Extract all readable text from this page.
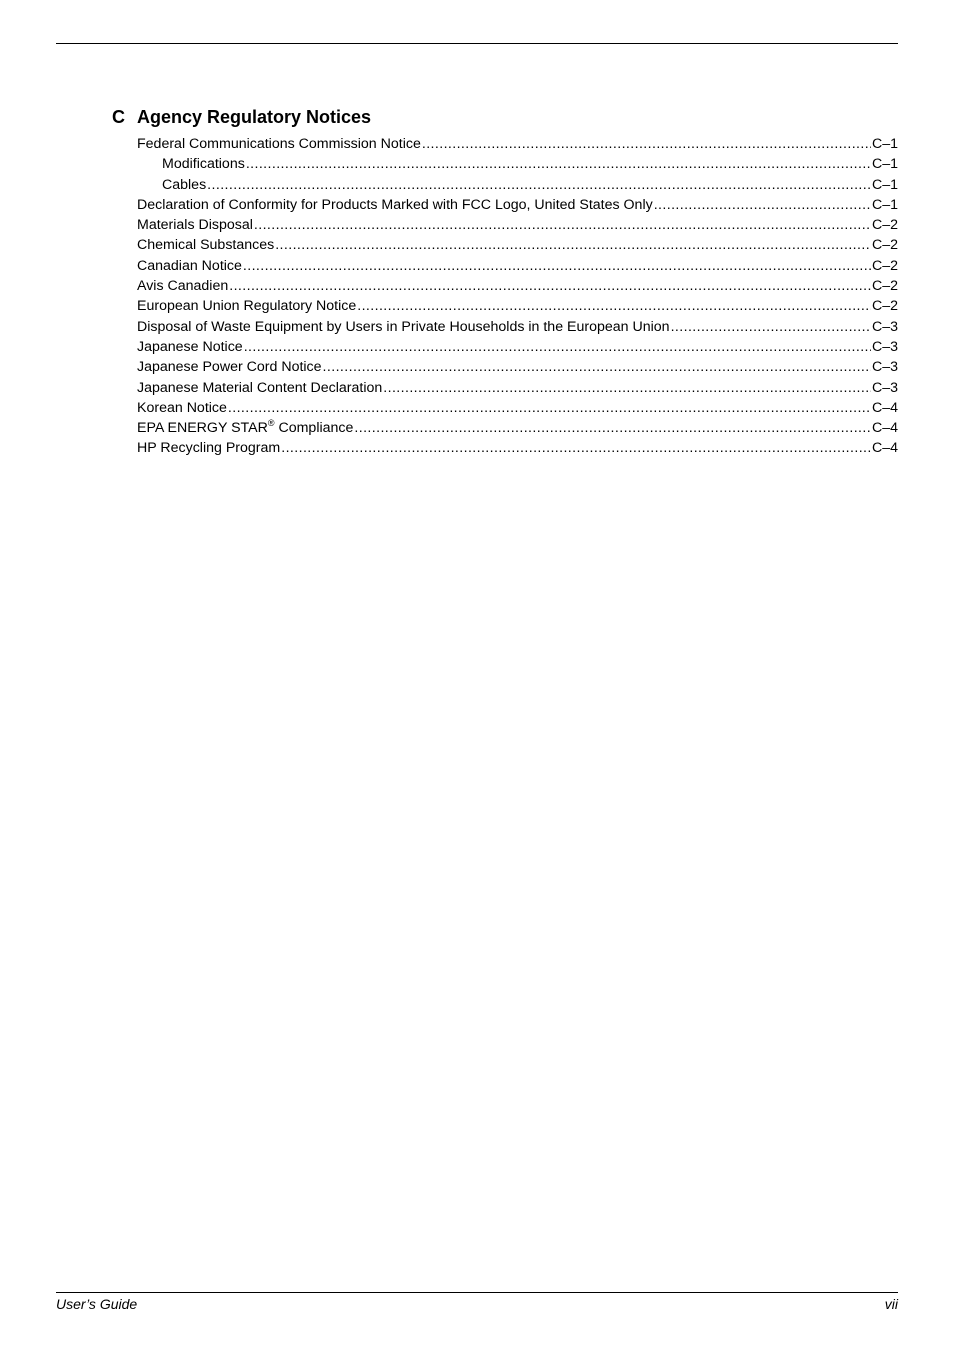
C Agency Regulatory Notices
Federal Communications Commission Notice .....	C–1
Modifications .....	C–1
Cables .....	C–1
Declaration of Conformity for Products Marked with FCC Logo, United States Only .....	C–1
Materials Disposal .....	C–2
Chemical Substances .....	C–2
Canadian Notice .....	C–2
Avis Canadien .....	C–2
European Union Regulatory Notice .....	C–2
Disposal of Waste Equipment by Users in Private Households in the European Union .....	C–3
Japanese Notice .....	C–3
Japanese Power Cord Notice .....	C–3
Japanese Material Content Declaration .....	C–3
Korean Notice .....	C–4
EPA ENERGY STAR® Compliance .....	C–4
HP Recycling Program .....	C–4
User’s Guide	vii
